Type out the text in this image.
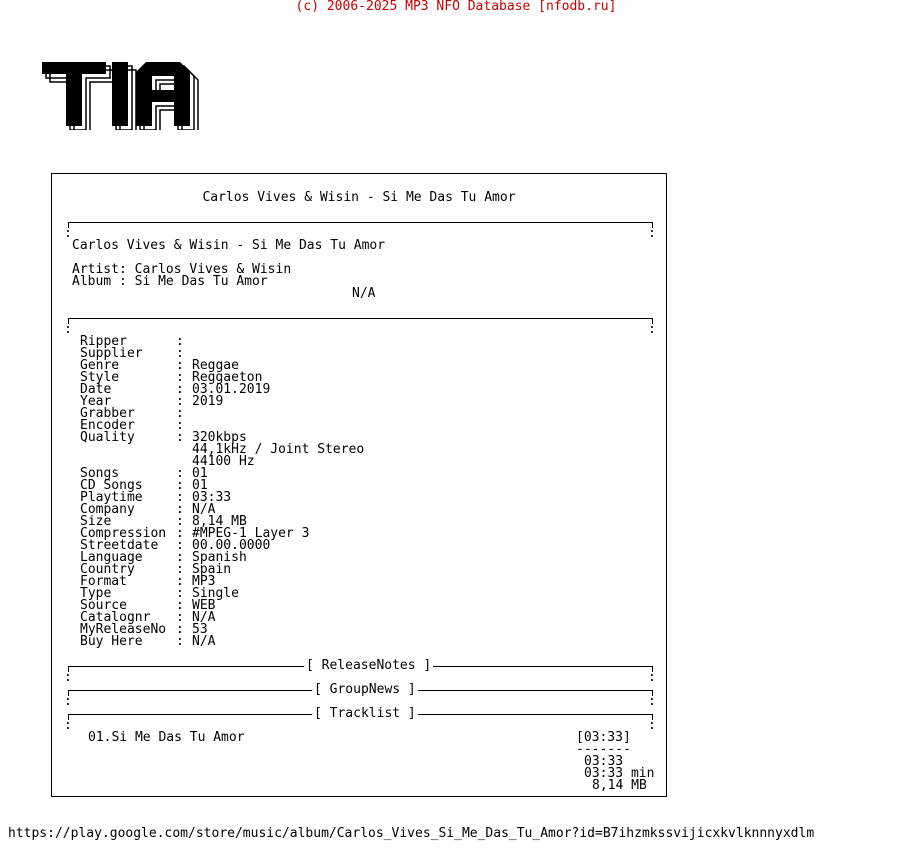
(c) 2006-2025 MP3 NFO Database [nfodb.ru]
Carlos Vives & Wisin - Si Me Das Tu Amor
:	:
Carlos Vives & Wisin - Si Me Das Tu Amor
Artist: Carlos Vives & Wisin
Album : Si Me Das Tu Amor
N/A
:	:
:
Ripper
:
Supplier
:
Genre	Reggae
:
Style	Reggaeton
:
Date	03.01.2019
:
Year	2019
:
Grabber
:
Encoder
:
Quality	320kbps
44,1kHz / Joint Stereo
44100 Hz
:
Songs	01
:
CD Songs	01
:
Playtime	03:33
:
Company	N/A
:
Size	8,14 MB
:
Compression #MPEG-1 Layer 3
:
Streetdate	00.00.0000
:
Language	Spanish
:
Country	Spain
:
Format	MP3
:
Type	Single
:
Source	WEB
:
Catalognr	N/A
:
MyReleaseNo 53
:
Buy Here	N/A
[ ReleaseNotes ]
:	:
[ GroupNews ]
:	:
[ Tracklist ]
:	:
01.Si Me Das Tu Amor	[03:33]
-------
03:33
03:33 min
8,14 MB
https://play.google.com/store/music/album/Carlos_Vives_Si_Me_Das_Tu_Amor?id=B7ihzmkssvijicxkvlknnnyxdlm
